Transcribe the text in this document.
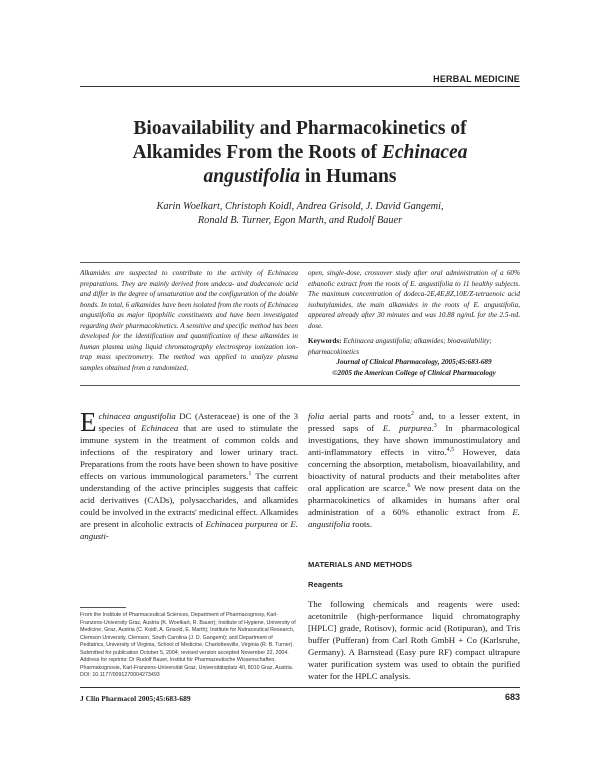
HERBAL MEDICINE
Bioavailability and Pharmacokinetics of
Alkamides From the Roots of Echinacea
angustifolia in Humans
Karin Woelkart, Christoph Koidl, Andrea Grisold, J. David Gangemi,
Ronald B. Turner, Egon Marth, and Rudolf Bauer

Alkamides are suspected to contribute to the activity of Echinacea preparations. They are mainly derived from undeca- and dodecanoic acid and differ in the degree of unsaturation and the configuration of the double bonds. In total, 6 alkamides have been isolated from the roots of Echinacea angustifolia as major lipophilic constituents and have been investigated regarding their pharmacokinetics. A sensitive and specific method has been developed for the identification and quantification of these alkamides in human plasma using liquid chromatography electrospray ionization ion-trap mass spectrometry. The method was applied to analyze plasma samples obtained from a randomized,

open, single-dose, crossover study after oral administration of a 60% ethanolic extract from the roots of E. angustifolia to 11 healthy subjects. The maximum concentration of dodeca-2E,4E,8Z,10E/Z-tetraenoic acid isobutylamides, the main alkamides in the roots of E. angustifolia, appeared already after 30 minutes and was 10.88 ng/mL for the 2.5-mL dose.

Keywords: Echinacea angustifolia; alkamides; bioavailability; pharmacokinetics
Journal of Clinical Pharmacology, 2005;45:683-689
©2005 the American College of Clinical Pharmacology

Echinacea angustifolia DC (Asteraceae) is one of the 3 species of Echinacea that are used to stimulate the immune system in the treatment of common colds and infections of the respiratory and lower urinary tract. Preparations from the roots have been shown to have positive effects on various immunological parameters.$^1$ The current understanding of the active principles suggests that caffeic acid derivatives (CADs), polysaccharides, and alkamides could be involved in the extracts' medicinal effect. Alkamides are present in alcoholic extracts of Echinacea purpurea or E. angusti-

folia aerial parts and roots$^2$ and, to a lesser extent, in pressed saps of E. purpurea.$^3$ In pharmacological investigations, they have shown immunostimulatory and anti-inflammatory effects in vitro.$^{4,5}$ However, data concerning the absorption, metabolism, bioavailability, and bioactivity of natural products and their metabolites after oral application are scarce.$^6$ We now present data on the pharmacokinetics of alkamides in humans after oral administration of a 60% ethanolic extract from E. angustifolia roots.

MATERIALS AND METHODS
Reagents

The following chemicals and reagents were used: acetonitrile (high-performance liquid chromatography [HPLC] grade, Rotisov), formic acid (Rotipuran), and Tris buffer (Pufferan) from Carl Roth GmbH + Co (Karlsruhe, Germany). A Barnstead (Easy pure RF) compact ultrapure water purification system was used to obtain the purified water for the HPLC analysis.

From the Institute of Pharmaceutical Sciences, Department of Pharmacognosy, Karl-Franzens-University Graz, Austria (K. Woelkart, R. Bauer); Institute of Hygiene, University of Medicine, Graz, Austria (C. Koidl, A. Grisold, E. Marth); Institute for Nutraceutical Research, Clemson University, Clemson, South Carolina (J. D. Gangemi); and Department of Pediatrics, University of Virginia, School of Medicine, Charlottesville, Virginia (R. B. Turner). Submitted for publication October 5, 2004; revised version accepted November 22, 2004. Address for reprints: Dr Rudolf Bauer, Institut für Pharmazeutische Wissenschaften, Pharmakognosie, Karl-Franzens-Universität Graz, Universitätsplatz 4/I, 8010 Graz, Austria.
DOI: 10.1177/0091270004273493

J Clin Pharmacol 2005;45:683-689	683
